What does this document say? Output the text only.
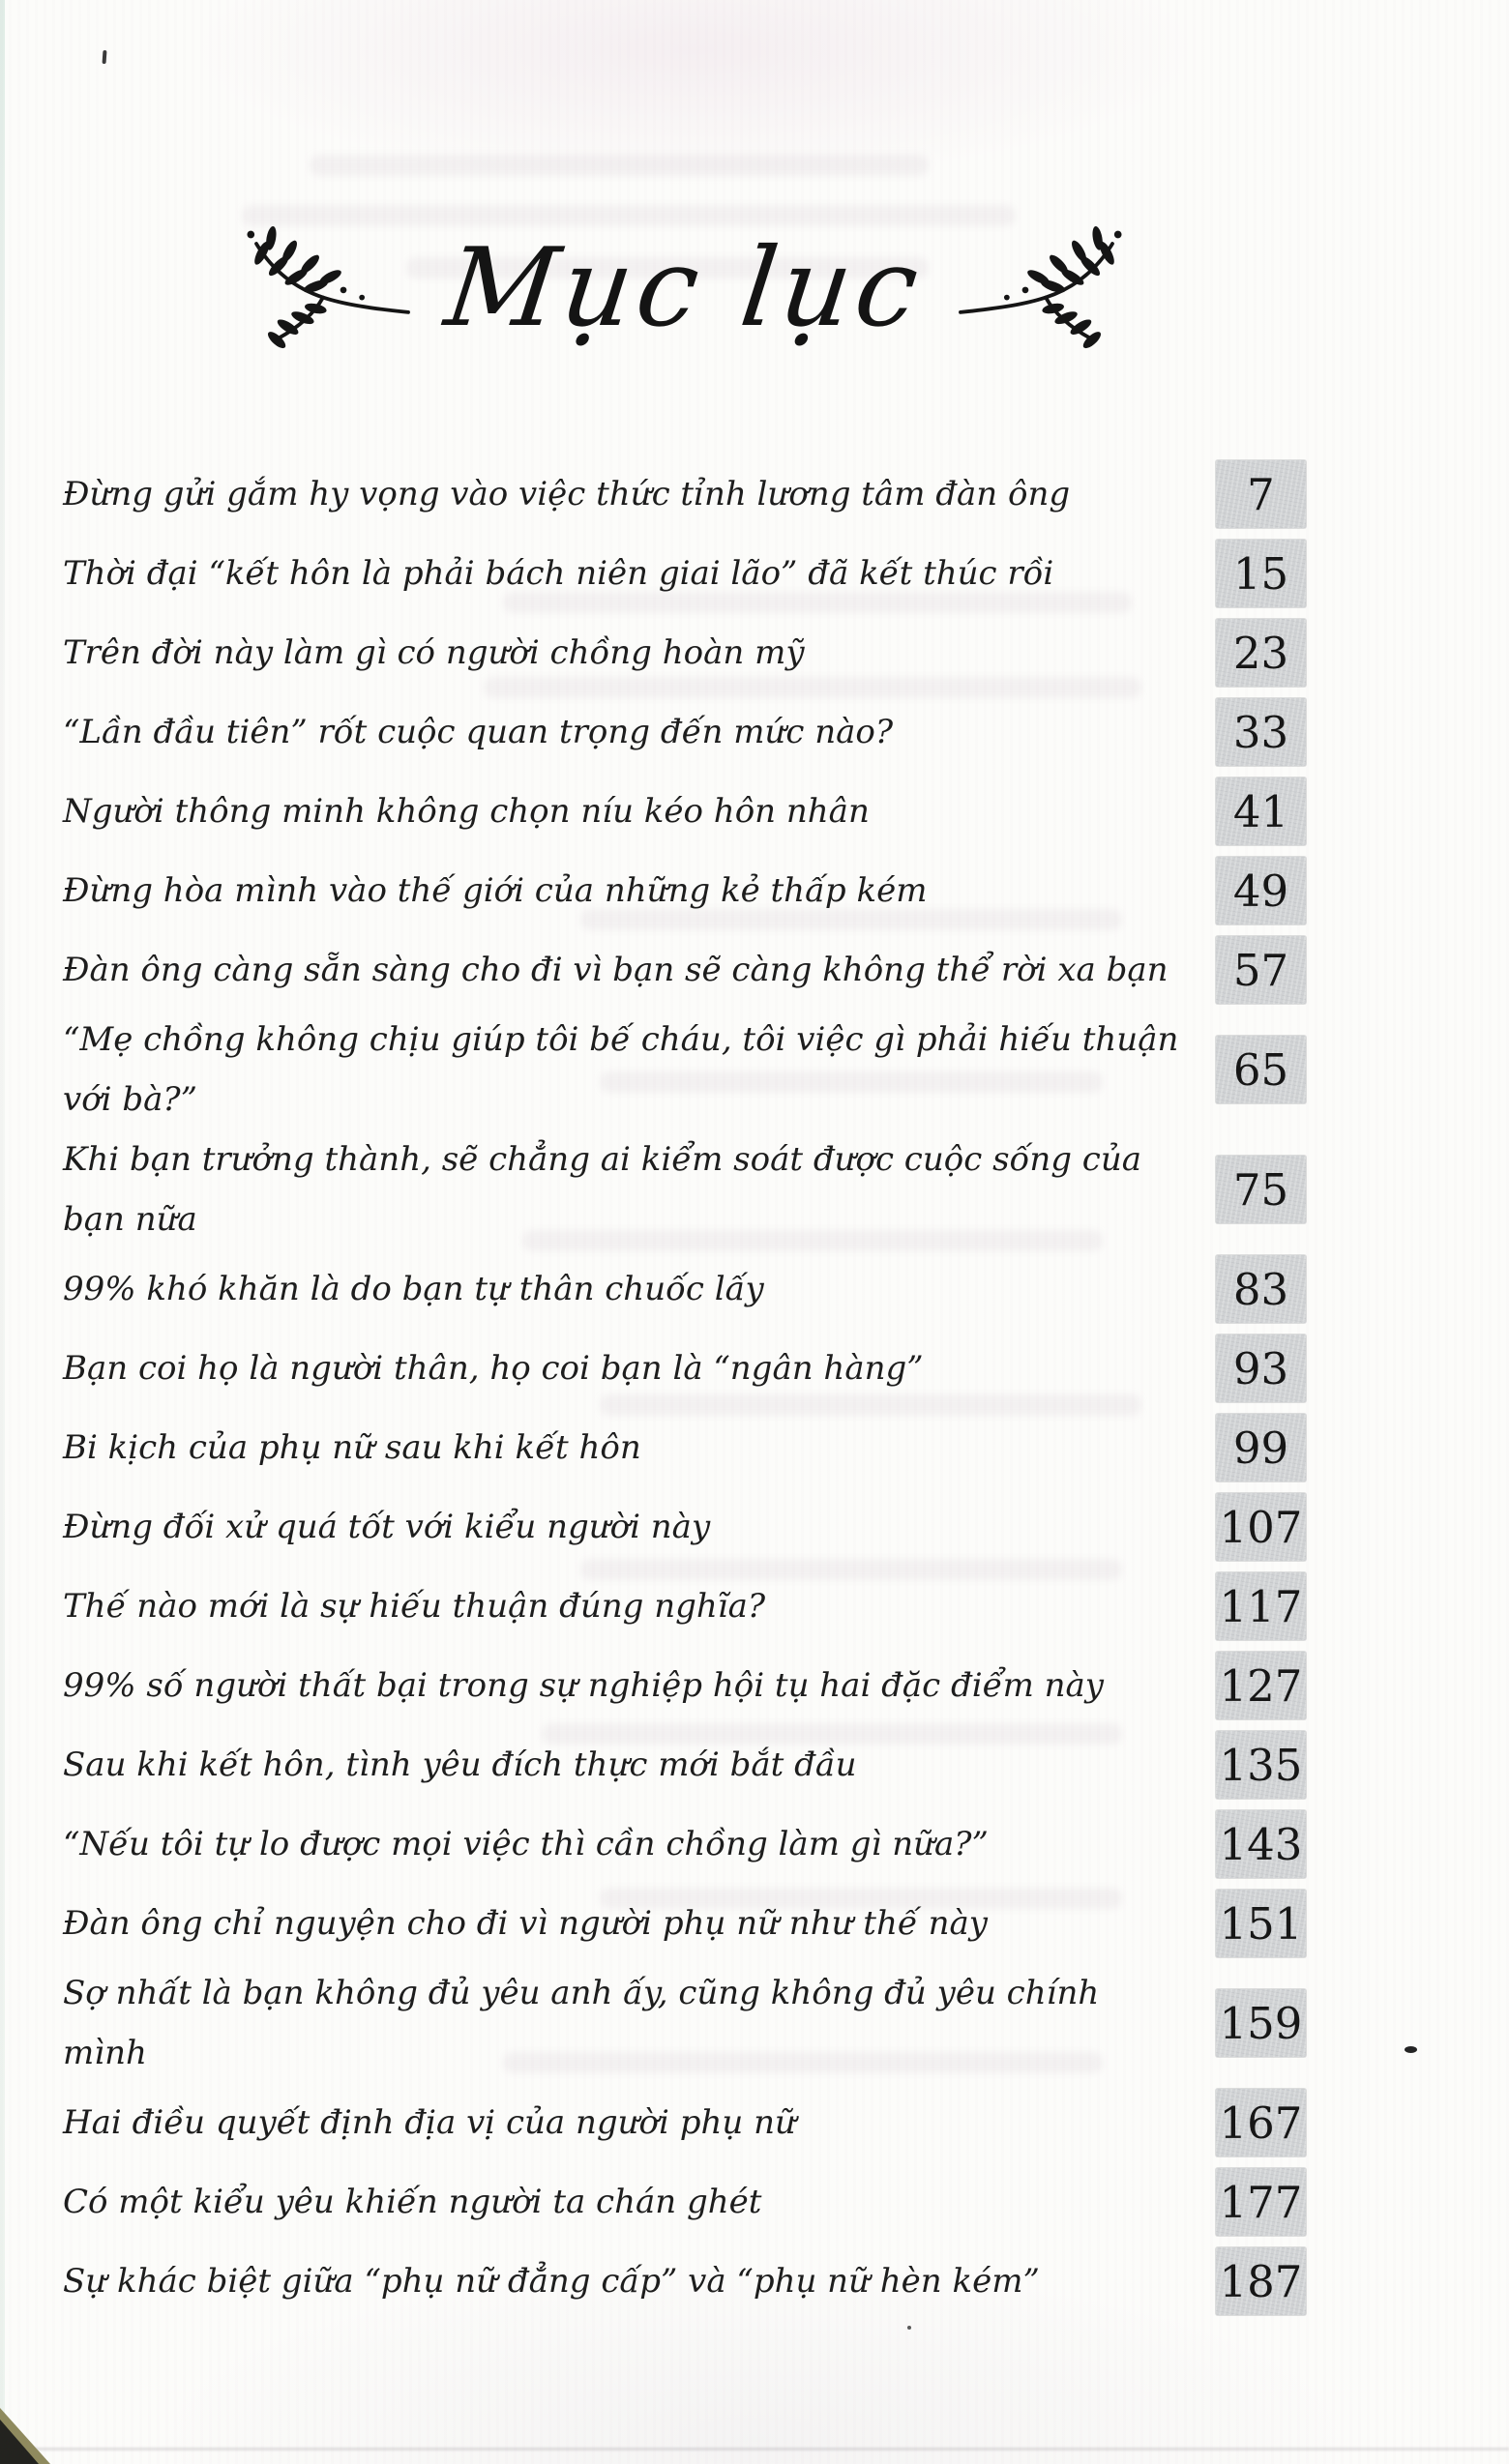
Mục lục
Đừng gửi gắm hy vọng vào việc thức tỉnh lương tâm đàn ông	7
Thời đại “kết hôn là phải bách niên giai lão” đã kết thúc rồi	15
Trên đời này làm gì có người chồng hoàn mỹ	23
“Lần đầu tiên” rốt cuộc quan trọng đến mức nào?	33
Người thông minh không chọn níu kéo hôn nhân	41
Đừng hòa mình vào thế giới của những kẻ thấp kém	49
Đàn ông càng sẵn sàng cho đi vì bạn sẽ càng không thể rời xa bạn	57
“Mẹ chồng không chịu giúp tôi bế cháu, tôi việc gì phải hiếu thuận với bà?”
65
Khi bạn trưởng thành, sẽ chẳng ai kiểm soát được cuộc sống của bạn nữa
75
99% khó khăn là do bạn tự thân chuốc lấy	83
Bạn coi họ là người thân, họ coi bạn là “ngân hàng”	93
Bi kịch của phụ nữ sau khi kết hôn	99
Đừng đối xử quá tốt với kiểu người này	107
Thế nào mới là sự hiếu thuận đúng nghĩa?	117
99% số người thất bại trong sự nghiệp hội tụ hai đặc điểm này	127
Sau khi kết hôn, tình yêu đích thực mới bắt đầu	135
“Nếu tôi tự lo được mọi việc thì cần chồng làm gì nữa?”	143
Đàn ông chỉ nguyện cho đi vì người phụ nữ như thế này	151
Sợ nhất là bạn không đủ yêu anh ấy, cũng không đủ yêu chính mình
159
Hai điều quyết định địa vị của người phụ nữ	167
Có một kiểu yêu khiến người ta chán ghét	177
Sự khác biệt giữa “phụ nữ đẳng cấp” và “phụ nữ hèn kém”	187
